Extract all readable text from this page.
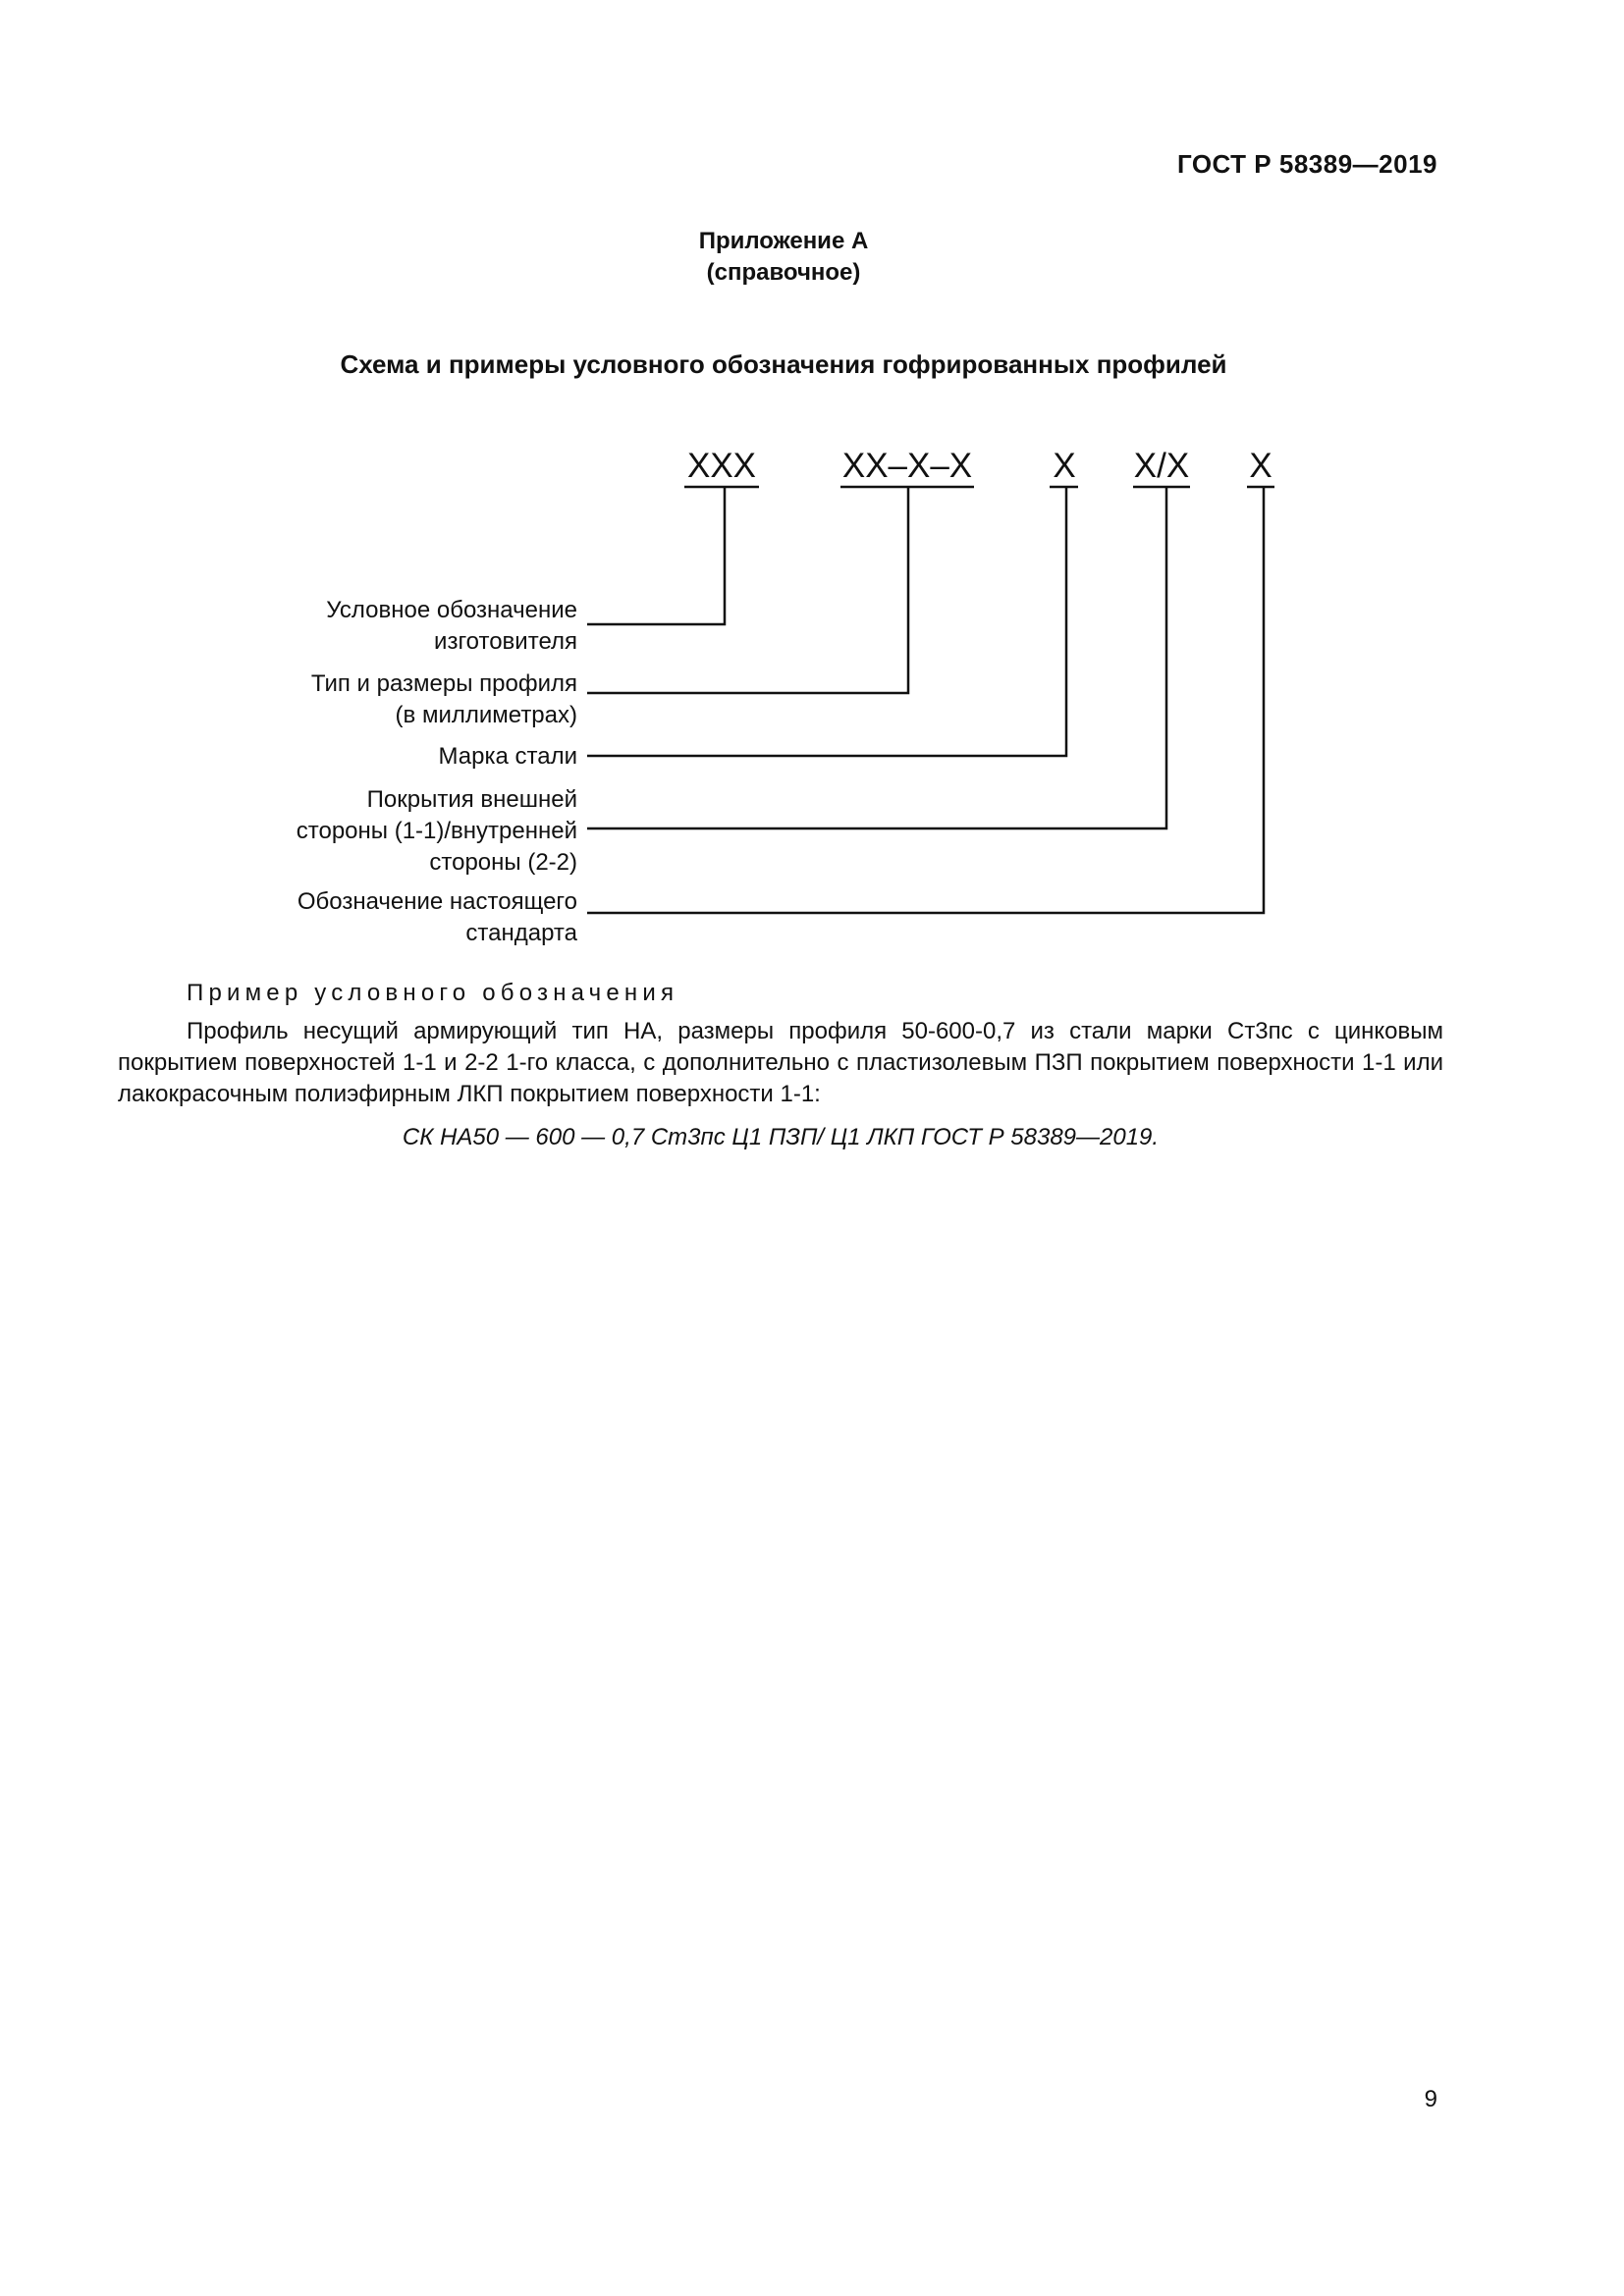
ГОСТ Р 58389—2019
Приложение А
(справочное)
Схема и примеры условного обозначения гофрированных профилей
XXX	XX–X–X X X/X X
Условное обозначение
изготовителя
Тип и размеры профиля
(в миллиметрах)
Марка стали
Покрытия внешней
стороны (1-1)/внутренней
стороны (2-2)
Обозначение настоящего
стандарта
Пример условного обозначения
Профиль несущий армирующий тип НА, размеры профиля 50-600-0,7 из стали марки Ст3пс с цинковым покрытием поверхностей 1-1 и 2-2 1-го класса, с дополнительно с пластизолевым ПЗП покрытием поверхности 1-1 или лакокрасочным полиэфирным ЛКП покрытием поверхности 1-1:
СК НА50 — 600 — 0,7 Ст3пс Ц1 ПЗП/ Ц1 ЛКП ГОСТ Р 58389—2019.
9
